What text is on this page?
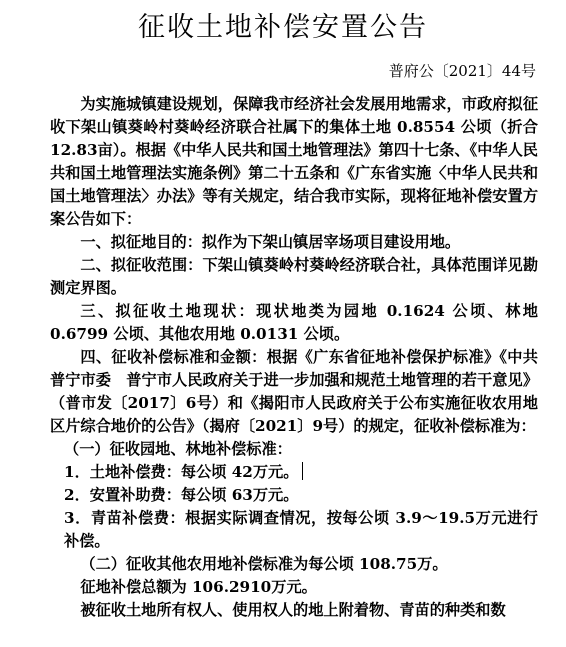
征收土地补偿安置公告
普府公〔2021〕44号

为实施城镇建设规划，保障我市经济社会发展用地需求，市政府拟征收下架山镇葵岭村葵岭经济联合社属下的集体土地 0.8554 公顷（折合 12.83亩）。根据《中华人民共和国土地管理法》第四十七条、《中华人民共和国土地管理法实施条例》第二十五条和《广东省实施〈中华人民共和国土地管理法〉办法》等有关规定，结合我市实际，现将征地补偿安置方案公告如下：

一、拟征地目的：拟作为下架山镇居宰场项目建设用地。

二、拟征收范围：下架山镇葵岭村葵岭经济联合社，具体范围详见勘测定界图。

三、拟征收土地现状：现状地类为园地 0.1624 公顷、林地 0.6799 公顷、其他农用地 0.0131 公顷。

四、征收补偿标准和金额：根据《广东省征地补偿保护标准》《中共普宁市委　普宁市人民政府关于进一步加强和规范土地管理的若干意见》（普市发〔2017〕6号）和《揭阳市人民政府关于公布实施征收农用地区片综合地价的公告》（揭府〔2021〕9号）的规定，征收补偿标准为：

（一）征收园地、林地补偿标准：

1．土地补偿费：每公顷 42万元。

2．安置补助费：每公顷 63万元。

3．青苗补偿费：根据实际调查情况，按每公顷 3.9～19.5万元进行补偿。

（二）征收其他农用地补偿标准为每公顷 108.75万。

征地补偿总额为 106.2910万元。

被征收土地所有权人、使用权人的地上附着物、青苗的种类和数
